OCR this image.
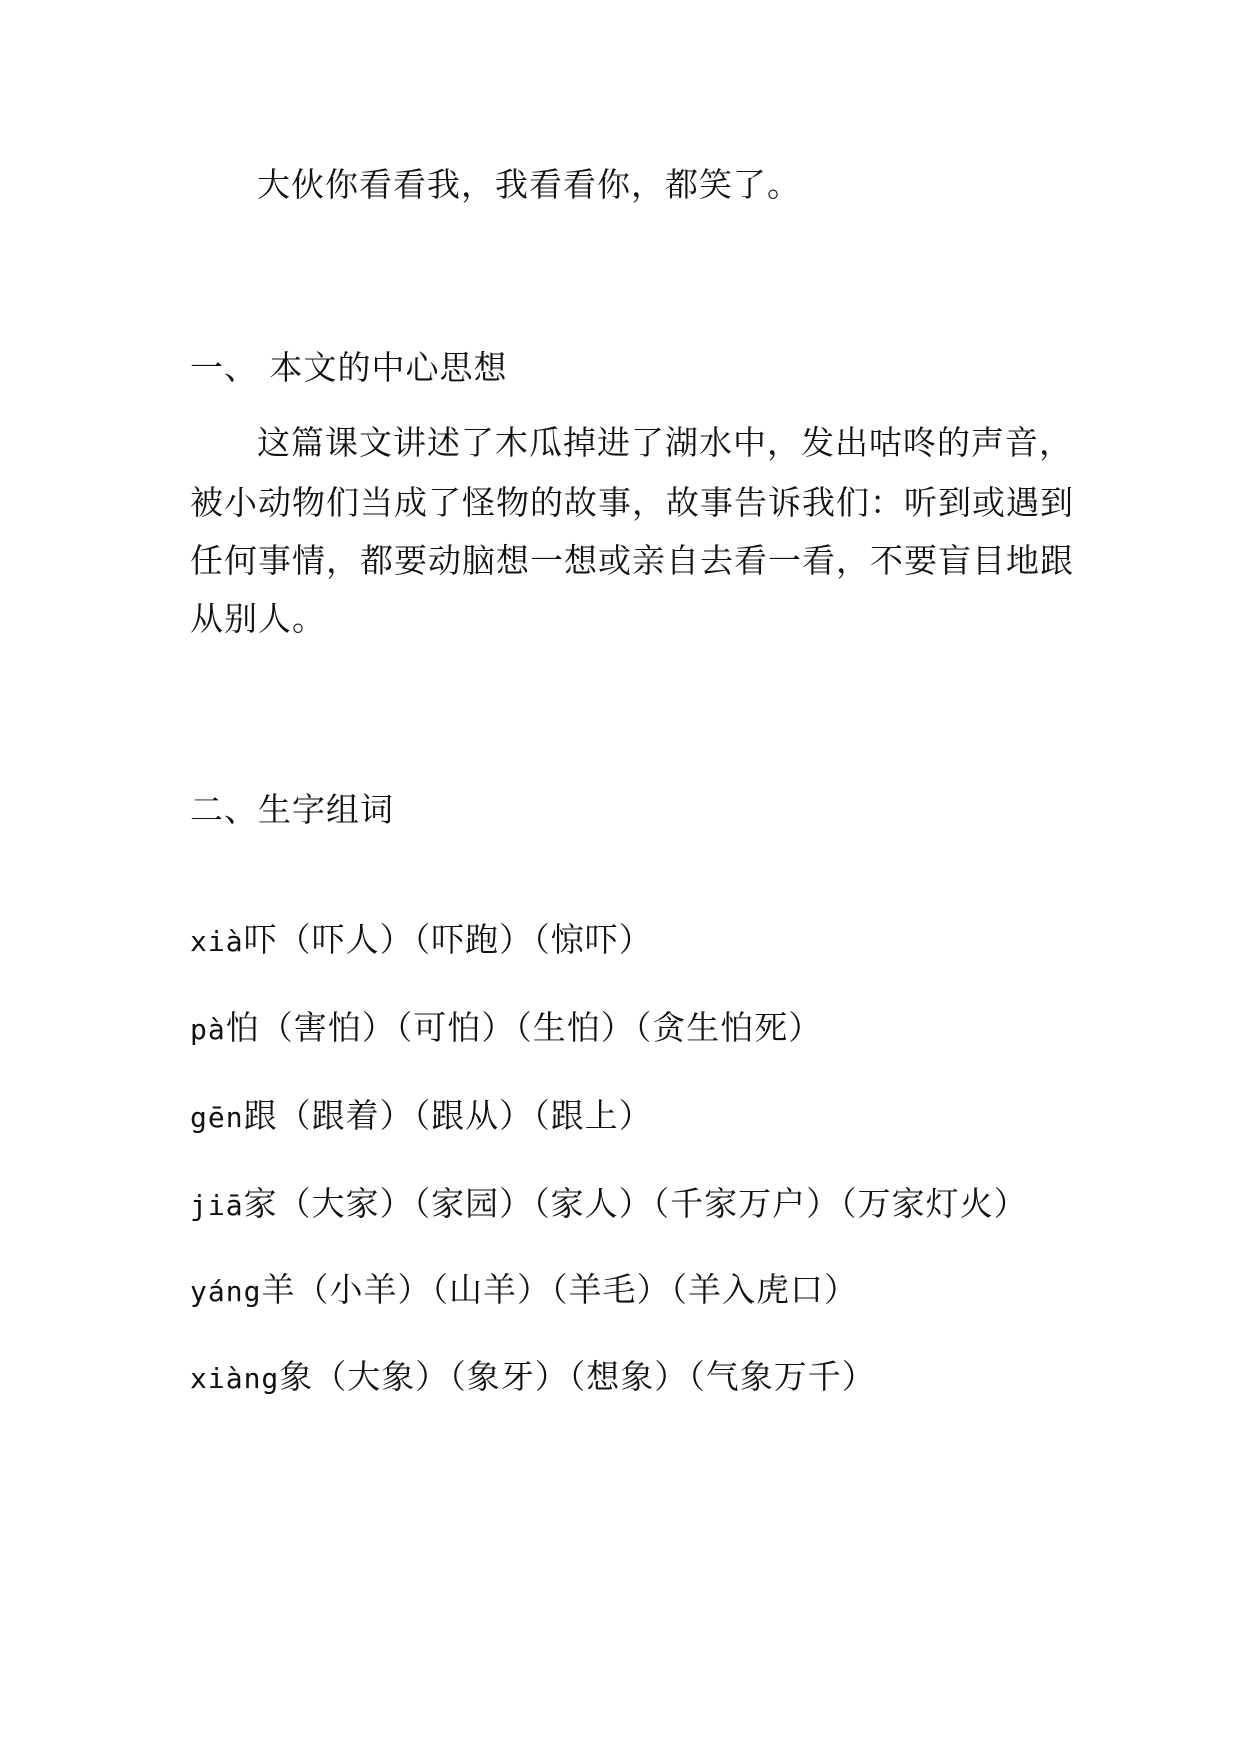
大伙你看看我，我看看你，都笑了。
一、 本文的中心思想
这篇课文讲述了木瓜掉进了湖水中，发出咕咚的声音，
被小动物们当成了怪物的故事，故事告诉我们：听到或遇到
任何事情，都要动脑想一想或亲自去看一看，不要盲目地跟
从别人。
二、生字组词
xià吓（吓人）（吓跑）（惊吓）
pà怕（害怕）（可怕）（生怕）（贪生怕死）
gēn跟（跟着）（跟从）（跟上）
jiā家（大家）（家园）（家人）（千家万户）（万家灯火）
yáng羊（小羊）（山羊）（羊毛）（羊入虎口）
xiàng象（大象）（象牙）（想象）（气象万千）
